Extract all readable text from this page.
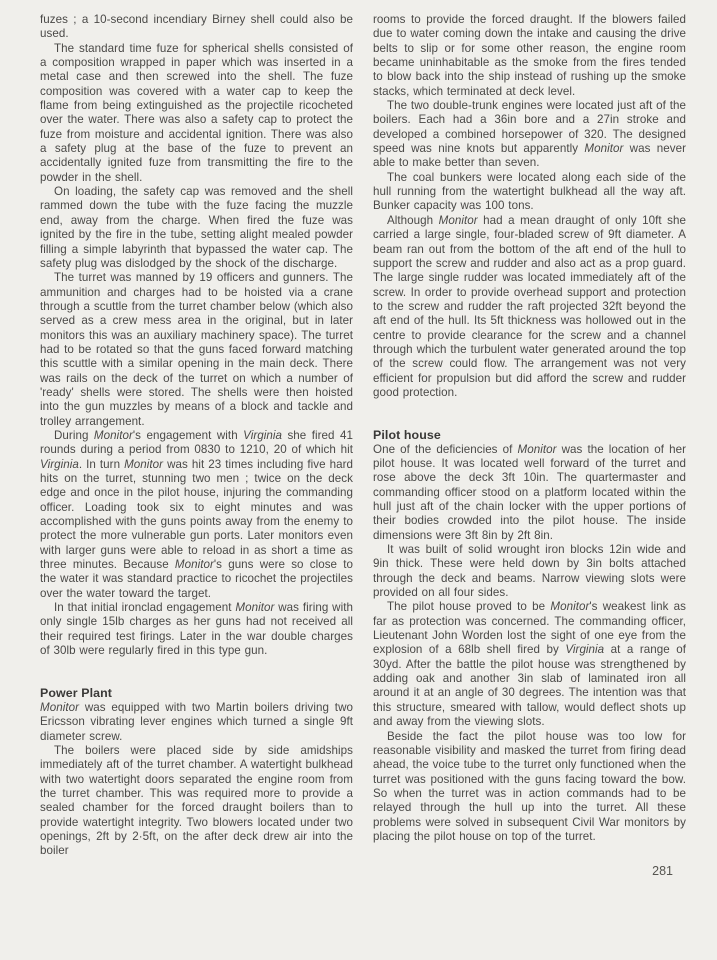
fuzes ; a 10-second incendiary Birney shell could also be used.

The standard time fuze for spherical shells consisted of a composition wrapped in paper which was inserted in a metal case and then screwed into the shell. The fuze composition was covered with a water cap to keep the flame from being extinguished as the projectile ricocheted over the water. There was also a safety cap to protect the fuze from moisture and accidental ignition. There was also a safety plug at the base of the fuze to prevent an accidentally ignited fuze from transmitting the fire to the powder in the shell.

On loading, the safety cap was removed and the shell rammed down the tube with the fuze facing the muzzle end, away from the charge. When fired the fuze was ignited by the fire in the tube, setting alight mealed powder filling a simple labyrinth that bypassed the water cap. The safety plug was dislodged by the shock of the discharge.

The turret was manned by 19 officers and gunners. The ammunition and charges had to be hoisted via a crane through a scuttle from the turret chamber below (which also served as a crew mess area in the original, but in later monitors this was an auxiliary machinery space). The turret had to be rotated so that the guns faced forward matching this scuttle with a similar opening in the main deck. There was rails on the deck of the turret on which a number of 'ready' shells were stored. The shells were then hoisted into the gun muzzles by means of a block and tackle and trolley arrangement.

During Monitor's engagement with Virginia she fired 41 rounds during a period from 0830 to 1210, 20 of which hit Virginia. In turn Monitor was hit 23 times including five hard hits on the turret, stunning two men ; twice on the deck edge and once in the pilot house, injuring the commanding officer. Loading took six to eight minutes and was accomplished with the guns points away from the enemy to protect the more vulnerable gun ports. Later monitors even with larger guns were able to reload in as short a time as three minutes. Because Monitor's guns were so close to the water it was standard practice to ricochet the projectiles over the water toward the target.

In that initial ironclad engagement Monitor was firing with only single 15lb charges as her guns had not received all their required test firings. Later in the war double charges of 30lb were regularly fired in this type gun.

Power Plant

Monitor was equipped with two Martin boilers driving two Ericsson vibrating lever engines which turned a single 9ft diameter screw.

The boilers were placed side by side amidships immediately aft of the turret chamber. A watertight bulkhead with two watertight doors separated the engine room from the turret chamber. This was required more to provide a sealed chamber for the forced draught boilers than to provide watertight integrity. Two blowers located under two openings, 2ft by 2·5ft, on the after deck drew air into the boiler

rooms to provide the forced draught. If the blowers failed due to water coming down the intake and causing the drive belts to slip or for some other reason, the engine room became uninhabitable as the smoke from the fires tended to blow back into the ship instead of rushing up the smoke stacks, which terminated at deck level.

The two double-trunk engines were located just aft of the boilers. Each had a 36in bore and a 27in stroke and developed a combined horsepower of 320. The designed speed was nine knots but apparently Monitor was never able to make better than seven.

The coal bunkers were located along each side of the hull running from the watertight bulkhead all the way aft. Bunker capacity was 100 tons.

Although Monitor had a mean draught of only 10ft she carried a large single, four-bladed screw of 9ft diameter. A beam ran out from the bottom of the aft end of the hull to support the screw and rudder and also act as a prop guard. The large single rudder was located immediately aft of the screw. In order to provide overhead support and protection to the screw and rudder the raft projected 32ft beyond the aft end of the hull. Its 5ft thickness was hollowed out in the centre to provide clearance for the screw and a channel through which the turbulent water generated around the top of the screw could flow. The arrangement was not very efficient for propulsion but did afford the screw and rudder good protection.

Pilot house

One of the deficiencies of Monitor was the location of her pilot house. It was located well forward of the turret and rose above the deck 3ft 10in. The quartermaster and commanding officer stood on a platform located within the hull just aft of the chain locker with the upper portions of their bodies crowded into the pilot house. The inside dimensions were 3ft 8in by 2ft 8in.

It was built of solid wrought iron blocks 12in wide and 9in thick. These were held down by 3in bolts attached through the deck and beams. Narrow viewing slots were provided on all four sides.

The pilot house proved to be Monitor's weakest link as far as protection was concerned. The commanding officer, Lieutenant John Worden lost the sight of one eye from the explosion of a 68lb shell fired by Virginia at a range of 30yd. After the battle the pilot house was strengthened by adding oak and another 3in slab of laminated iron all around it at an angle of 30 degrees. The intention was that this structure, smeared with tallow, would deflect shots up and away from the viewing slots.

Beside the fact the pilot house was too low for reasonable visibility and masked the turret from firing dead ahead, the voice tube to the turret only functioned when the turret was positioned with the guns facing toward the bow. So when the turret was in action commands had to be relayed through the hull up into the turret. All these problems were solved in subsequent Civil War monitors by placing the pilot house on top of the turret.

281
